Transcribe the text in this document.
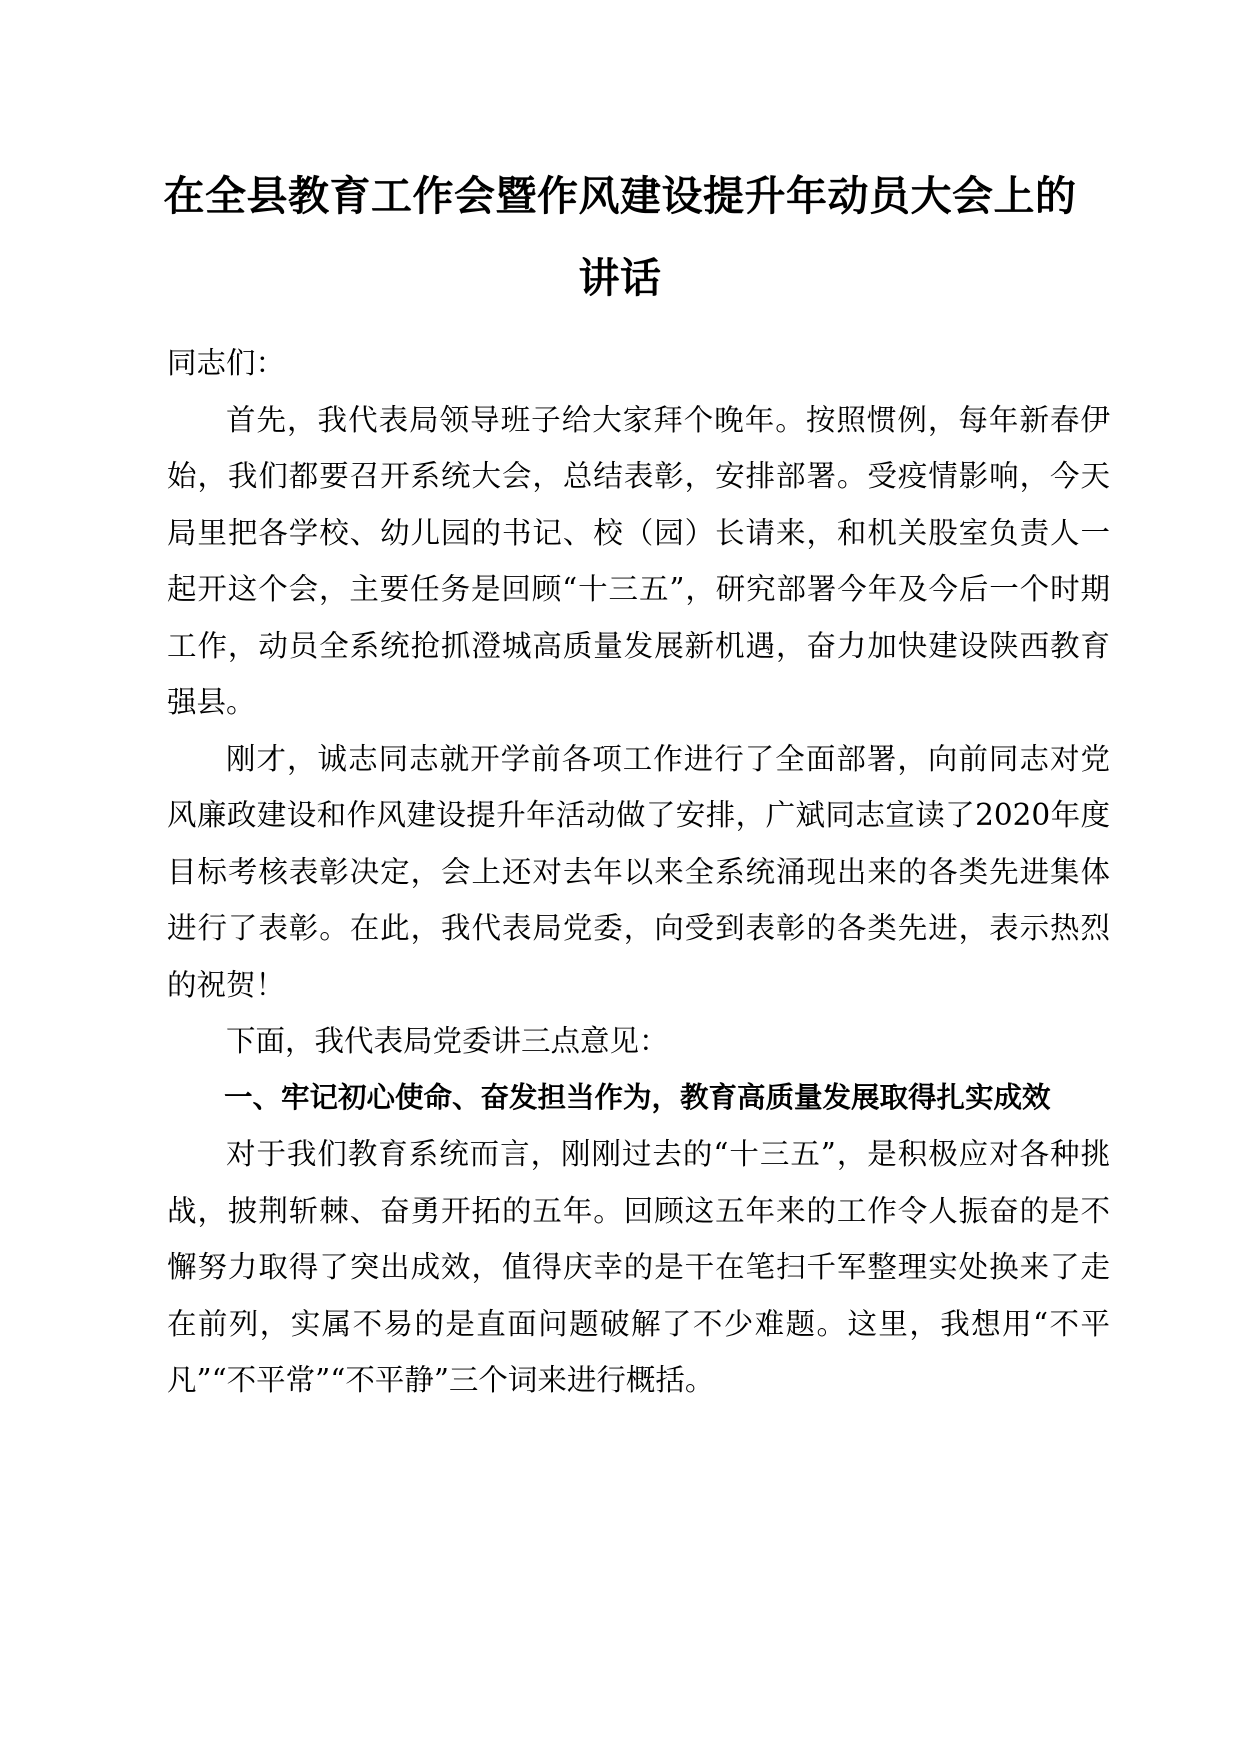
在全县教育工作会暨作风建设提升年动员大会上的讲话

同志们：

首先，我代表局领导班子给大家拜个晚年。按照惯例，每年新春伊始，我们都要召开系统大会，总结表彰，安排部署。受疫情影响，今天局里把各学校、幼儿园的书记、校（园）长请来，和机关股室负责人一起开这个会，主要任务是回顾“十三五”，研究部署今年及今后一个时期工作，动员全系统抢抓澄城高质量发展新机遇，奋力加快建设陕西教育强县。

刚才，诚志同志就开学前各项工作进行了全面部署，向前同志对党风廉政建设和作风建设提升年活动做了安排，广斌同志宣读了2020年度目标考核表彰决定，会上还对去年以来全系统涌现出来的各类先进集体进行了表彰。在此，我代表局党委，向受到表彰的各类先进，表示热烈的祝贺！

下面，我代表局党委讲三点意见：

一、牢记初心使命、奋发担当作为，教育高质量发展取得扎实成效

对于我们教育系统而言，刚刚过去的“十三五”，是积极应对各种挑战，披荆斩棘、奋勇开拓的五年。回顾这五年来的工作令人振奋的是不懈努力取得了突出成效，值得庆幸的是干在笔扫千军整理实处换来了走在前列，实属不易的是直面问题破解了不少难题。这里，我想用“不平凡”“不平常”“不平静”三个词来进行概括。
